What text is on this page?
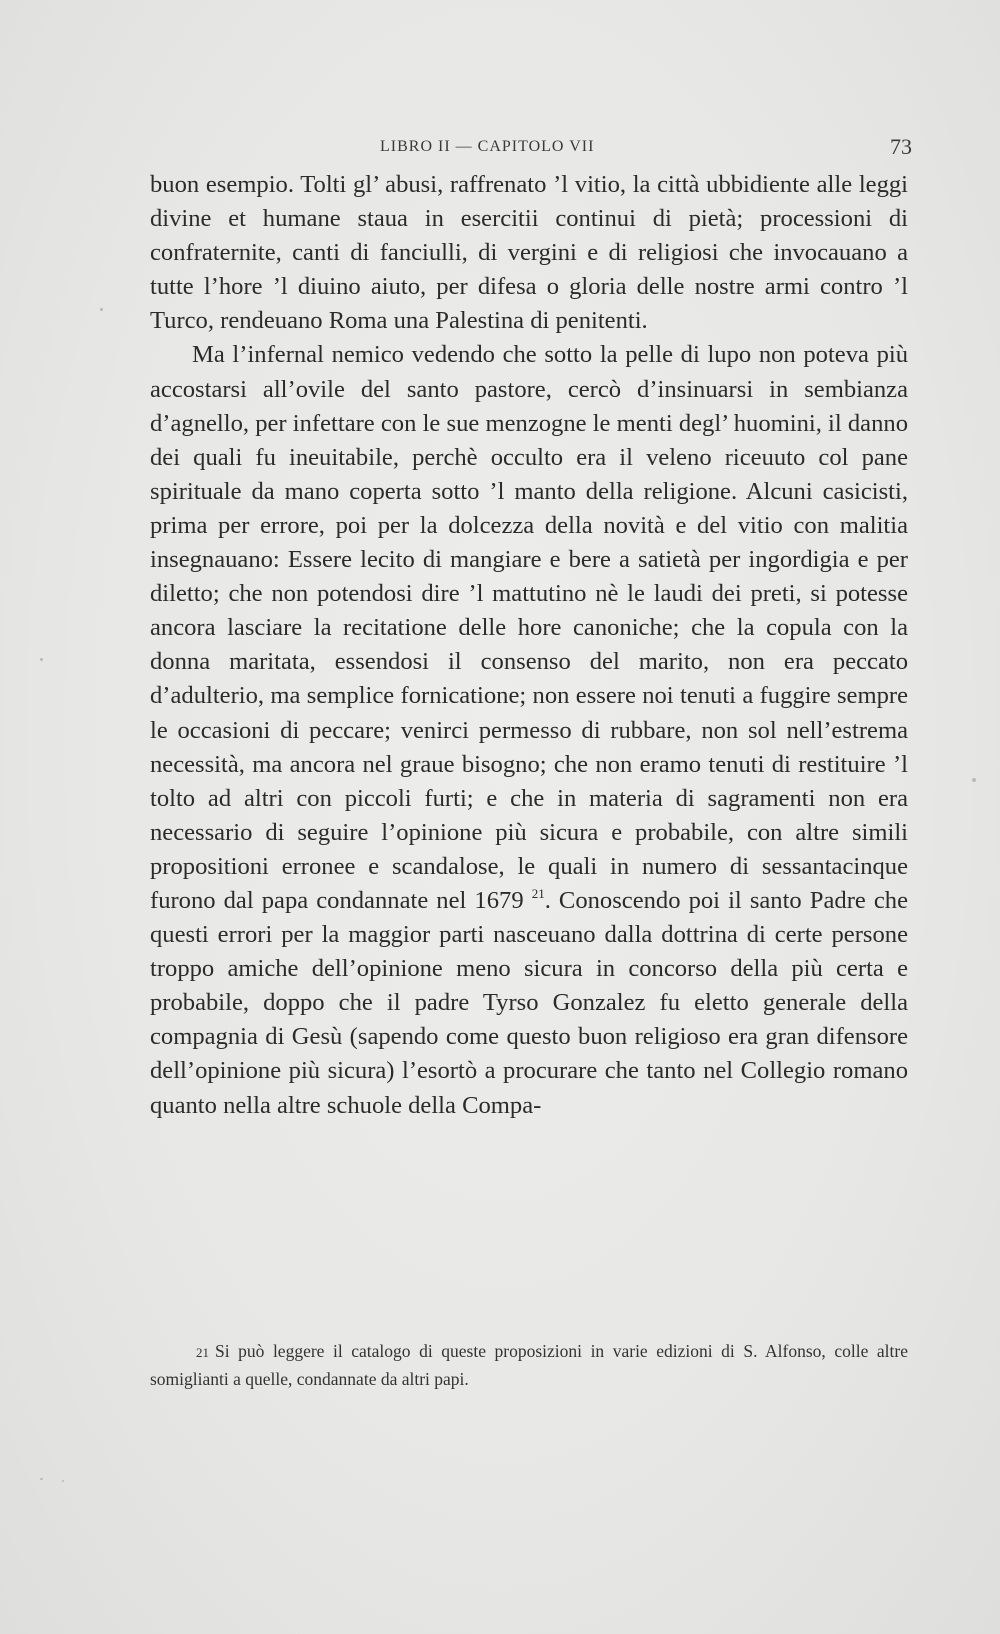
LIBRO II — CAPITOLO VII	73

buon esempio. Tolti gl’ abusi, raffrenato ’l vitio, la città ubbidiente alle leggi divine et humane staua in esercitii continui di pietà; processioni di confraternite, canti di fanciulli, di vergini e di religiosi che invocauano a tutte l’hore ’l diuino aiuto, per difesa o gloria delle nostre armi contro ’l Turco, rendeuano Roma una Palestina di penitenti.

Ma l’infernal nemico vedendo che sotto la pelle di lupo non poteva più accostarsi all’ovile del santo pastore, cercò d’insinuarsi in sembianza d’agnello, per infettare con le sue menzogne le menti degl’ huomini, il danno dei quali fu ineuitabile, perchè occulto era il veleno riceuuto col pane spirituale da mano coperta sotto ’l manto della religione. Alcuni casicisti, prima per errore, poi per la dolcezza della novità e del vitio con malitia insegnauano: Essere lecito di mangiare e bere a satietà per ingordigia e per diletto; che non potendosi dire ’l mattutino nè le laudi dei preti, si potesse ancora lasciare la recitatione delle hore canoniche; che la copula con la donna maritata, essendosi il consenso del marito, non era peccato d’adulterio, ma semplice fornicatione; non essere noi tenuti a fuggire sempre le occasioni di peccare; venirci permesso di rubbare, non sol nell’estrema necessità, ma ancora nel graue bisogno; che non eramo tenuti di restituire ’l tolto ad altri con piccoli furti; e che in materia di sagramenti non era necessario di seguire l’opinione più sicura e probabile, con altre simili propositioni erronee e scandalose, le quali in numero di sessantacinque furono dal papa condannate nel 1679 $^{21}$. Conoscendo poi il santo Padre che questi errori per la maggior parti nasceuano dalla dottrina di certe persone troppo amiche dell’opinione meno sicura in concorso della più certa e probabile, doppo che il padre Tyrso Gonzalez fu eletto generale della compagnia di Gesù (sapendo come questo buon religioso era gran difensore dell’opinione più sicura) l’esortò a procurare che tanto nel Collegio romano quanto nella altre schuole della Compa-

21 Si può leggere il catalogo di queste proposizioni in varie edizioni di S. Alfonso, colle altre somiglianti a quelle, condannate da altri papi.
